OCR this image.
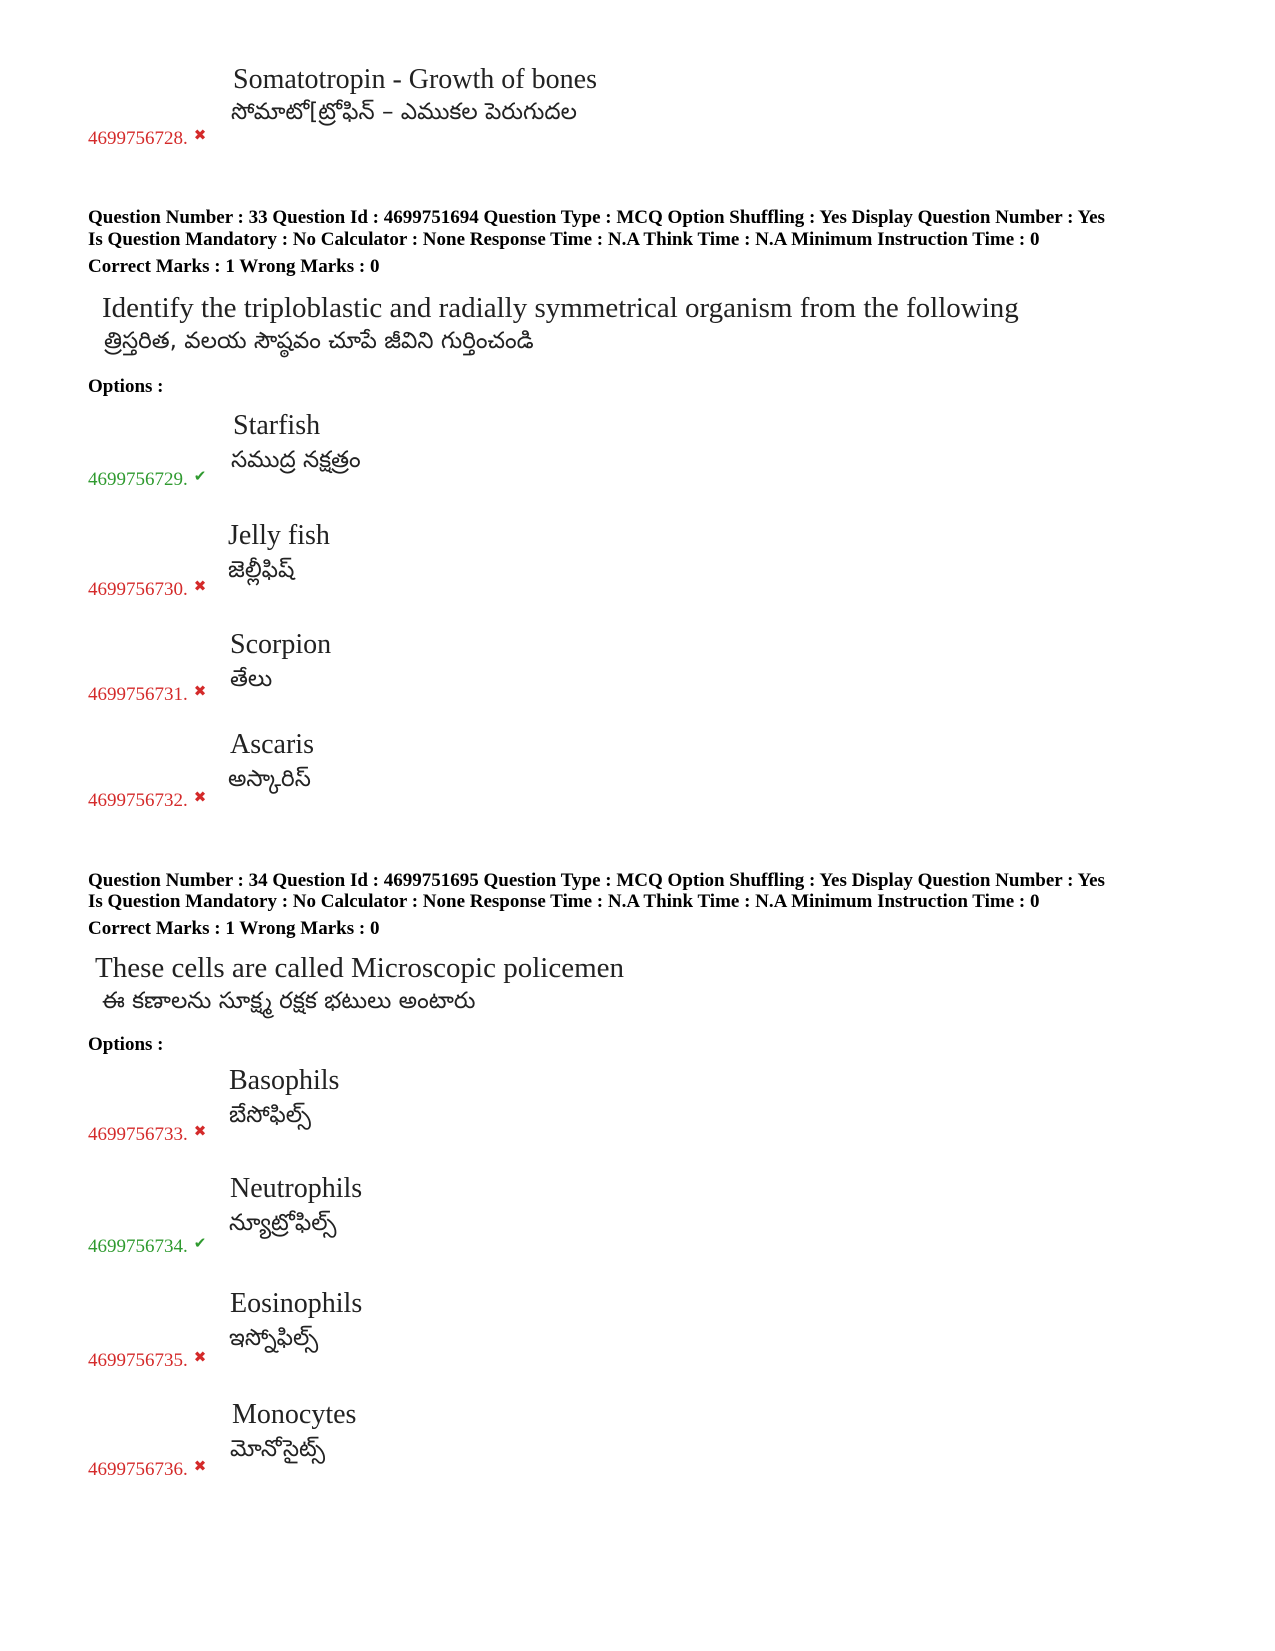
Somatotropin - Growth of bones
సోమాటో[ట్రోఫిన్ – ఎముకల పెరుగుదల
4699756728. ✖
Question Number : 33 Question Id : 4699751694 Question Type : MCQ Option Shuffling : Yes Display Question Number : Yes
Is Question Mandatory : No Calculator : None Response Time : N.A Think Time : N.A Minimum Instruction Time : 0
Correct Marks : 1 Wrong Marks : 0
Identify the triploblastic and radially symmetrical organism from the following
త్రిస్తరిత, వలయ సౌష్ఠవం చూపే జీవిని గుర్తించండి
Options :
Starfish
సముద్ర నక్షత్రం
4699756729. ✔
Jelly fish
జెల్లీఫిష్
4699756730. ✖
Scorpion
తేలు
4699756731. ✖
Ascaris
అస్కారిస్
4699756732. ✖
Question Number : 34 Question Id : 4699751695 Question Type : MCQ Option Shuffling : Yes Display Question Number : Yes
Is Question Mandatory : No Calculator : None Response Time : N.A Think Time : N.A Minimum Instruction Time : 0
Correct Marks : 1 Wrong Marks : 0
These cells are called Microscopic policemen
ఈ కణాలను సూక్ష్మ రక్షక భటులు అంటారు
Options :
Basophils
బేసోఫిల్స్
4699756733. ✖
Neutrophils
న్యూట్రోఫిల్స్
4699756734. ✔
Eosinophils
ఇస్నోఫిల్స్
4699756735. ✖
Monocytes
మోనోసైట్స్
4699756736. ✖
